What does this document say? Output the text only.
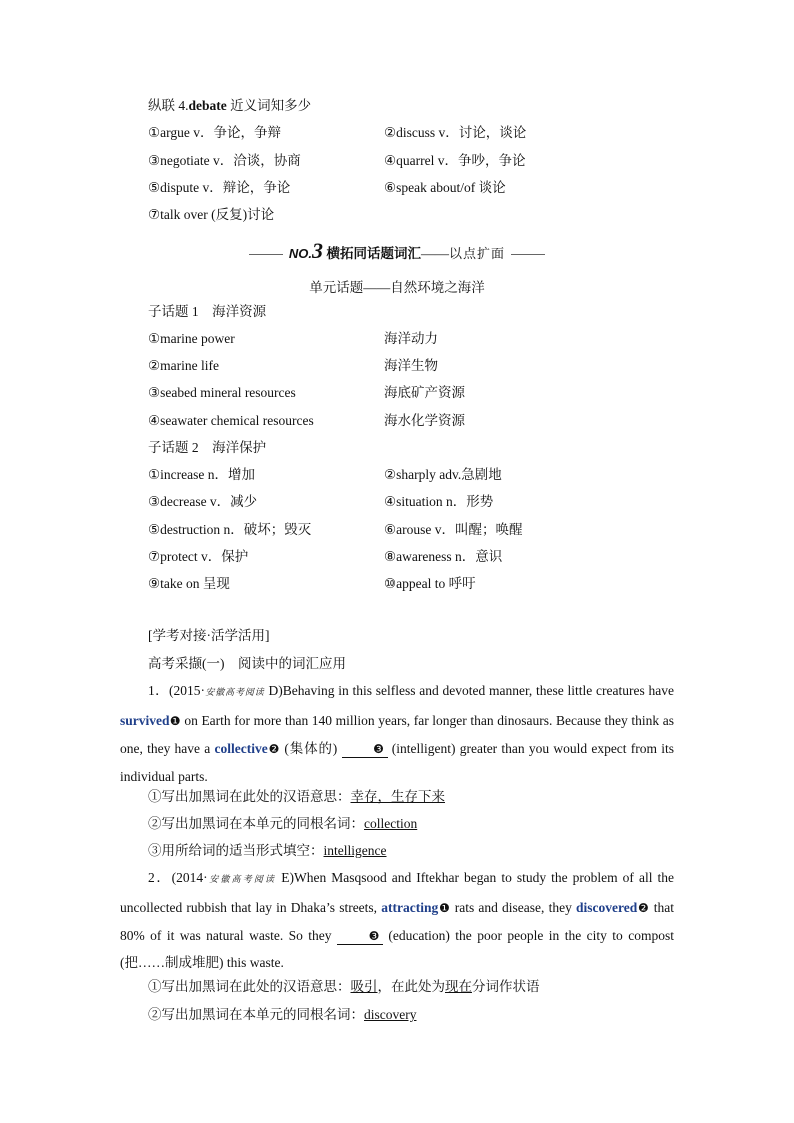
纵联 4.debate 近义词知多少
①argue v．争论，争辩	②discuss v．讨论，谈论
③negotiate v．洽谈，协商	④quarrel v．争吵，争论
⑤dispute v．辩论，争论	⑥speak about/of 谈论
⑦talk over (反复)讨论
NO.3 横拓同话题词汇——以点扩面
单元话题——自然环境之海洋
子话题 1　海洋资源
①marine power	海洋动力
②marine life	海洋生物
③seabed mineral resources	海底矿产资源
④seawater chemical resources	海水化学资源
子话题 2　海洋保护
①increase n．增加	②sharply adv.急剧地
③decrease v．减少	④situation n．形势
⑤destruction n．破坏；毁灭	⑥arouse v．叫醒；唤醒
⑦protect v．保护	⑧awareness n．意识
⑨take on 呈现	⑩appeal to 呼吁
[学考对接·活学活用]
高考采撷(一)　阅读中的词汇应用
1．(2015·安徽高考阅读 D)Behaving in this selfless and devoted manner, these little creatures have survived❶ on Earth for more than 140 million years, far longer than dinosaurs. Because they think as one, they have a collective❷ (集体的)	❸ (intelligent) greater than you would expect from its individual parts.
①写出加黑词在此处的汉语意思：幸存，生存下来
②写出加黑词在本单元的同根名词：collection
③用所给词的适当形式填空：intelligence
2．(2014·安徽高考阅读 E)When Masqsood and Iftekhar began to study the problem of all the uncollected rubbish that lay in Dhaka’s streets, attracting❶ rats and disease, they discovered❷ that 80% of it was natural waste. So they	❸ (education) the poor people in the city to compost (把……制成堆肥) this waste.
①写出加黑词在此处的汉语意思：吸引，在此处为现在分词作状语
②写出加黑词在本单元的同根名词：discovery
